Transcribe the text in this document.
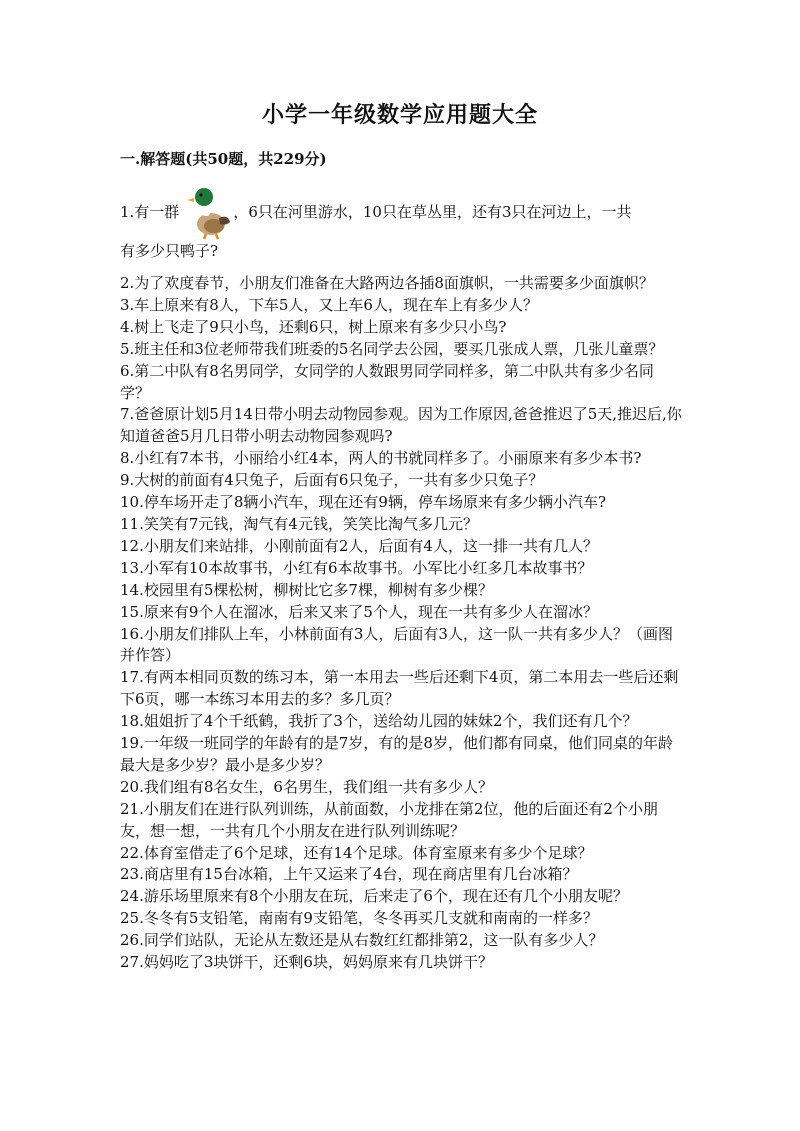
小学一年级数学应用题大全
一.解答题(共50题，共229分)
1.有一群	，6只在河里游水，10只在草丛里，还有3只在河边上，一共
有多少只鸭子?

2.为了欢度春节，小朋友们准备在大路两边各插8面旗帜，一共需要多少面旗帜？

3.车上原来有8人，下车5人，又上车6人，现在车上有多少人？

4.树上飞走了9只小鸟，还剩6只，树上原来有多少只小鸟?

5.班主任和3位老师带我们班委的5名同学去公园，要买几张成人票，几张儿童票？

6.第二中队有8名男同学，女同学的人数跟男同学同样多，第二中队共有多少名同学？

7.爸爸原计划5月14日带小明去动物园参观。因为工作原因,爸爸推迟了5天,推迟后,你知道爸爸5月几日带小明去动物园参观吗?

8.小红有7本书，小丽给小红4本，两人的书就同样多了。小丽原来有多少本书?

9.大树的前面有4只兔子，后面有6只兔子，一共有多少只兔子？

10.停车场开走了8辆小汽车，现在还有9辆，停车场原来有多少辆小汽车?

11.笑笑有7元钱，淘气有4元钱，笑笑比淘气多几元？

12.小朋友们来站排，小刚前面有2人，后面有4人，这一排一共有几人？

13.小军有10本故事书，小红有6本故事书。小军比小红多几本故事书？

14.校园里有5棵松树，柳树比它多7棵，柳树有多少棵？

15.原来有9个人在溜冰，后来又来了5个人，现在一共有多少人在溜冰？

16.小朋友们排队上车，小林前面有3人，后面有3人，这一队一共有多少人？（画图并作答）

17.有两本相同页数的练习本，第一本用去一些后还剩下4页，第二本用去一些后还剩下6页，哪一本练习本用去的多？多几页？

18.姐姐折了4个千纸鹤，我折了3个，送给幼儿园的妹妹2个，我们还有几个？

19.一年级一班同学的年龄有的是7岁，有的是8岁，他们都有同桌，他们同桌的年龄最大是多少岁？最小是多少岁？

20.我们组有8名女生，6名男生，我们组一共有多少人？

21.小朋友们在进行队列训练，从前面数，小龙排在第2位，他的后面还有2个小朋友，想一想，一共有几个小朋友在进行队列训练呢？

22.体育室借走了6个足球，还有14个足球。体育室原来有多少个足球？

23.商店里有15台冰箱，上午又运来了4台，现在商店里有几台冰箱？

24.游乐场里原来有8个小朋友在玩，后来走了6个，现在还有几个小朋友呢？

25.冬冬有5支铅笔，南南有9支铅笔，冬冬再买几支就和南南的一样多？

26.同学们站队，无论从左数还是从右数红红都排第2，这一队有多少人？

27.妈妈吃了3块饼干，还剩6块，妈妈原来有几块饼干？
